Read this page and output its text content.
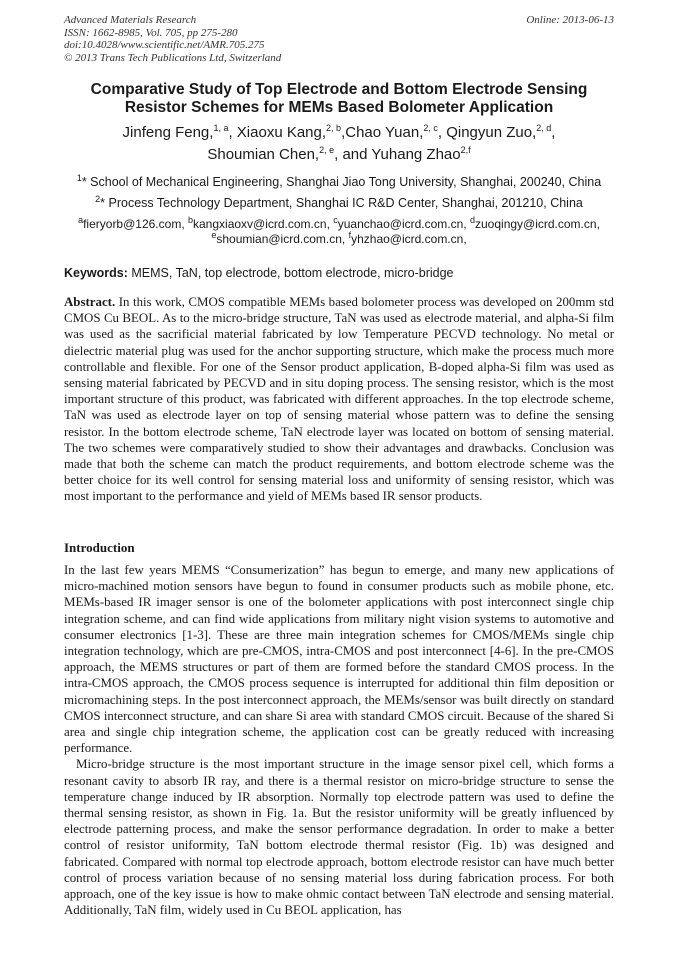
Advanced Materials Research
ISSN: 1662-8985, Vol. 705, pp 275-280
doi:10.4028/www.scientific.net/AMR.705.275
© 2013 Trans Tech Publications Ltd, Switzerland
Online: 2013-06-13
Comparative Study of Top Electrode and Bottom Electrode Sensing
Resistor Schemes for MEMs Based Bolometer Application
Jinfeng Feng,$^{1, a}$, Xiaoxu Kang,$^{2, b}$,Chao Yuan,$^{2, c}$, Qingyun Zuo,$^{2, d}$,
Shoumian Chen,$^{2, e}$, and Yuhang Zhao$^{2,f}$
$^1$* School of Mechanical Engineering, Shanghai Jiao Tong University, Shanghai, 200240, China
$^2$* Process Technology Department, Shanghai IC R&D Center, Shanghai, 201210, China
$^a$fieryorb@126.com, $^b$kangxiaoxv@icrd.com.cn, $^c$yuanchao@icrd.com.cn, $^d$zuoqingy@icrd.com.cn,
$^e$shoumian@icrd.com.cn, $^f$yhzhao@icrd.com.cn,
Keywords: MEMS, TaN, top electrode, bottom electrode, micro-bridge

Abstract. In this work, CMOS compatible MEMs based bolometer process was developed on 200mm std CMOS Cu BEOL. As to the micro-bridge structure, TaN was used as electrode material, and alpha-Si film was used as the sacrificial material fabricated by low Temperature PECVD technology. No metal or dielectric material plug was used for the anchor supporting structure, which make the process much more controllable and flexible. For one of the Sensor product application, B-doped alpha-Si film was used as sensing material fabricated by PECVD and in situ doping process. The sensing resistor, which is the most important structure of this product, was fabricated with different approaches. In the top electrode scheme, TaN was used as electrode layer on top of sensing material whose pattern was to define the sensing resistor. In the bottom electrode scheme, TaN electrode layer was located on bottom of sensing material. The two schemes were comparatively studied to show their advantages and drawbacks. Conclusion was made that both the scheme can match the product requirements, and bottom electrode scheme was the better choice for its well control for sensing material loss and uniformity of sensing resistor, which was most important to the performance and yield of MEMs based IR sensor products.

Introduction

In the last few years MEMS “Consumerization” has begun to emerge, and many new applications of micro-machined motion sensors have begun to found in consumer products such as mobile phone, etc. MEMs-based IR imager sensor is one of the bolometer applications with post interconnect single chip integration scheme, and can find wide applications from military night vision systems to automotive and consumer electronics [1-3]. These are three main integration schemes for CMOS/MEMs single chip integration technology, which are pre-CMOS, intra-CMOS and post interconnect [4-6]. In the pre-CMOS approach, the MEMS structures or part of them are formed before the standard CMOS process. In the intra-CMOS approach, the CMOS process sequence is interrupted for additional thin film deposition or micromachining steps. In the post interconnect approach, the MEMs/sensor was built directly on standard CMOS interconnect structure, and can share Si area with standard CMOS circuit. Because of the shared Si area and single chip integration scheme, the application cost can be greatly reduced with increasing performance.

Micro-bridge structure is the most important structure in the image sensor pixel cell, which forms a resonant cavity to absorb IR ray, and there is a thermal resistor on micro-bridge structure to sense the temperature change induced by IR absorption. Normally top electrode pattern was used to define the thermal sensing resistor, as shown in Fig. 1a. But the resistor uniformity will be greatly influenced by electrode patterning process, and make the sensor performance degradation. In order to make a better control of resistor uniformity, TaN bottom electrode thermal resistor (Fig. 1b) was designed and fabricated. Compared with normal top electrode approach, bottom electrode resistor can have much better control of process variation because of no sensing material loss during fabrication process. For both approach, one of the key issue is how to make ohmic contact between TaN electrode and sensing material. Additionally, TaN film, widely used in Cu BEOL application, has
